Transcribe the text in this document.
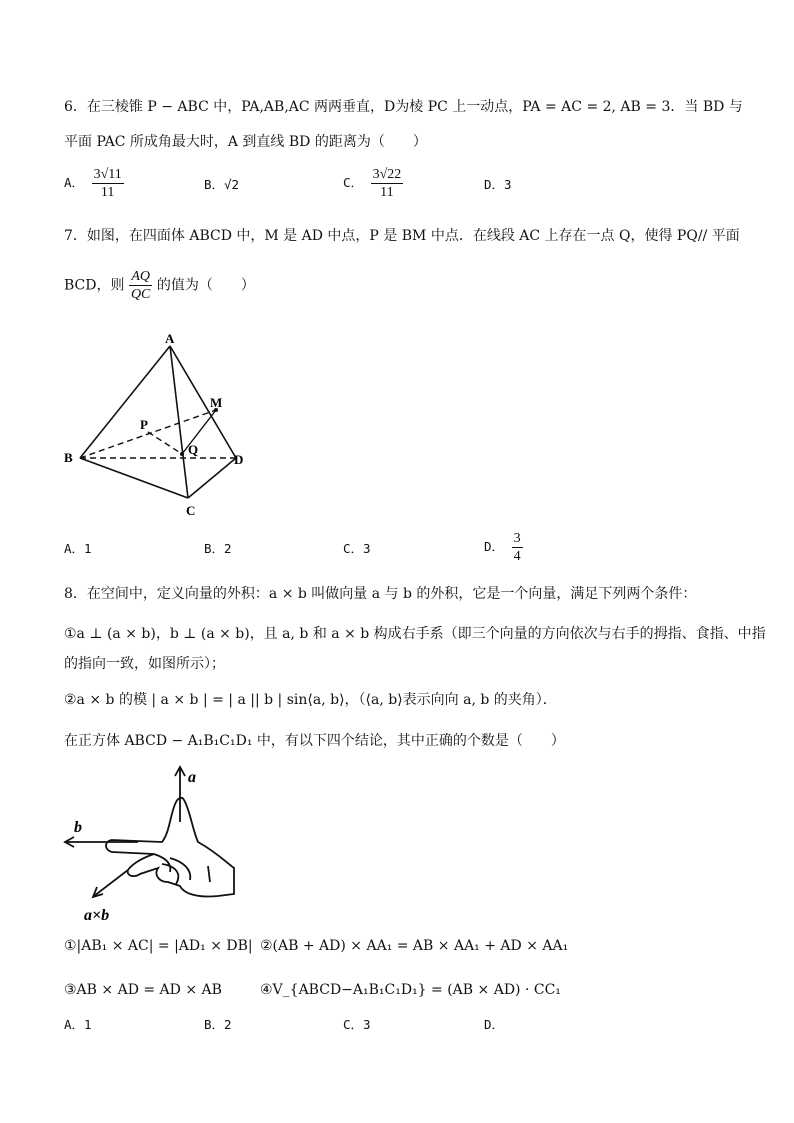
6．在三棱锥 P − ABC 中，PA,AB,AC 两两垂直，D为棱 PC 上一动点，PA = AC = 2, AB = 3．当 BD 与
平面 PAC 所成角最大时，A 到直线 BD 的距离为（　　）
A． $\frac{3√11}{11}$	B．√2	C． $\frac{3√22}{11}$	D．3
7．如图，在四面体 ABCD 中，M 是 AD 中点，P 是 BM 中点．在线段 AC 上存在一点 Q，使得 PQ// 平面
BCD，则 $\frac{AQ}{QC}$ 的值为（　　）
A
M
P
Q
B	D
C
A．1	B．2	C．3	D． $\frac{3}{4}$
8．在空间中，定义向量的外积：a × b 叫做向量 a 与 b 的外积，它是一个向量，满足下列两个条件：
①a ⊥ (a × b)，b ⊥ (a × b)，且 a, b 和 a × b 构成右手系（即三个向量的方向依次与右手的拇指、食指、中指
的指向一致，如图所示）；
②a × b 的模 | a × b | = | a || b | sin⟨a, b⟩，（⟨a, b⟩表示向向 a, b 的夹角）．
在正方体 ABCD − A₁B₁C₁D₁ 中，有以下四个结论，其中正确的个数是（　　）
a
b
a×b
①|AB₁ × AC| = |AD₁ × DB| ②(AB + AD) × AA₁ = AB × AA₁ + AD × AA₁
③AB × AD = AD × AB	④V_{ABCD−A₁B₁C₁D₁} = (AB × AD) · CC₁
A．1	B．2	C．3	D．
